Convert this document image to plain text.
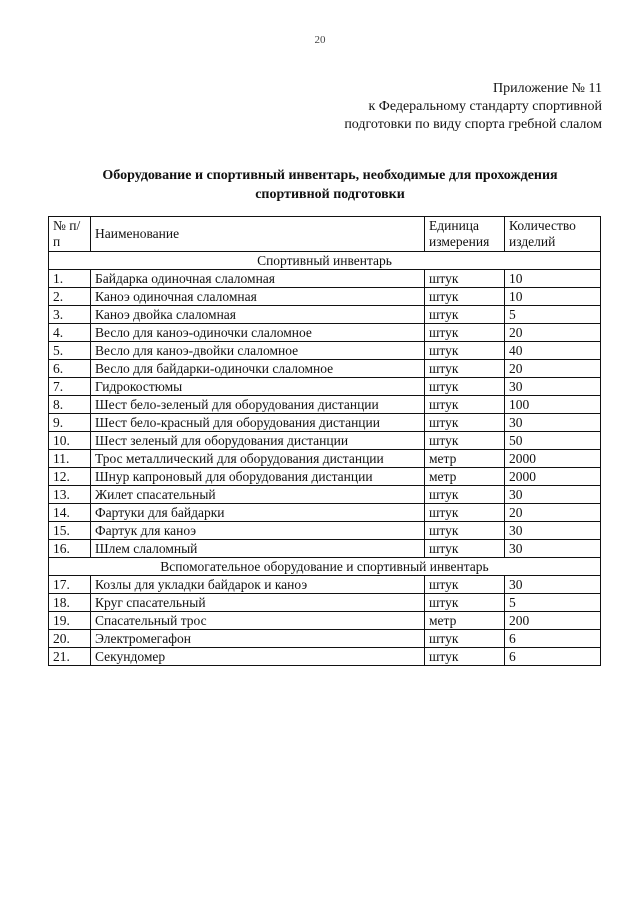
20
Приложение № 11
к Федеральному стандарту спортивной
подготовки по виду спорта гребной слалом
Оборудование и спортивный инвентарь, необходимые для прохождения
спортивной подготовки
№ п/п	Наименование	Единица измерения	Количество изделий
Спортивный инвентарь			
1.	Байдарка одиночная слаломная	штук	10
2.	Каноэ одиночная слаломная	штук	10
3.	Каноэ двойка слаломная	штук	5
4.	Весло для каноэ-одиночки слаломное	штук	20
5.	Весло для каноэ-двойки слаломное	штук	40
6.	Весло для байдарки-одиночки слаломное	штук	20
7.	Гидрокостюмы	штук	30
8.	Шест бело-зеленый для оборудования дистанции	штук	100
9.	Шест бело-красный для оборудования дистанции	штук	30
10.	Шест зеленый для оборудования дистанции	штук	50
11.	Трос металлический для оборудования дистанции	метр	2000
12.	Шнур капроновый для оборудования дистанции	метр	2000
13.	Жилет спасательный	штук	30
14.	Фартуки для байдарки	штук	20
15.	Фартук для каноэ	штук	30
16.	Шлем слаломный	штук	30
Вспомогательное оборудование и спортивный инвентарь			
17.	Козлы для укладки байдарок и каноэ	штук	30
18.	Круг спасательный	штук	5
19.	Спасательный трос	метр	200
20.	Электромегафон	штук	6
21.	Секундомер	штук	6
